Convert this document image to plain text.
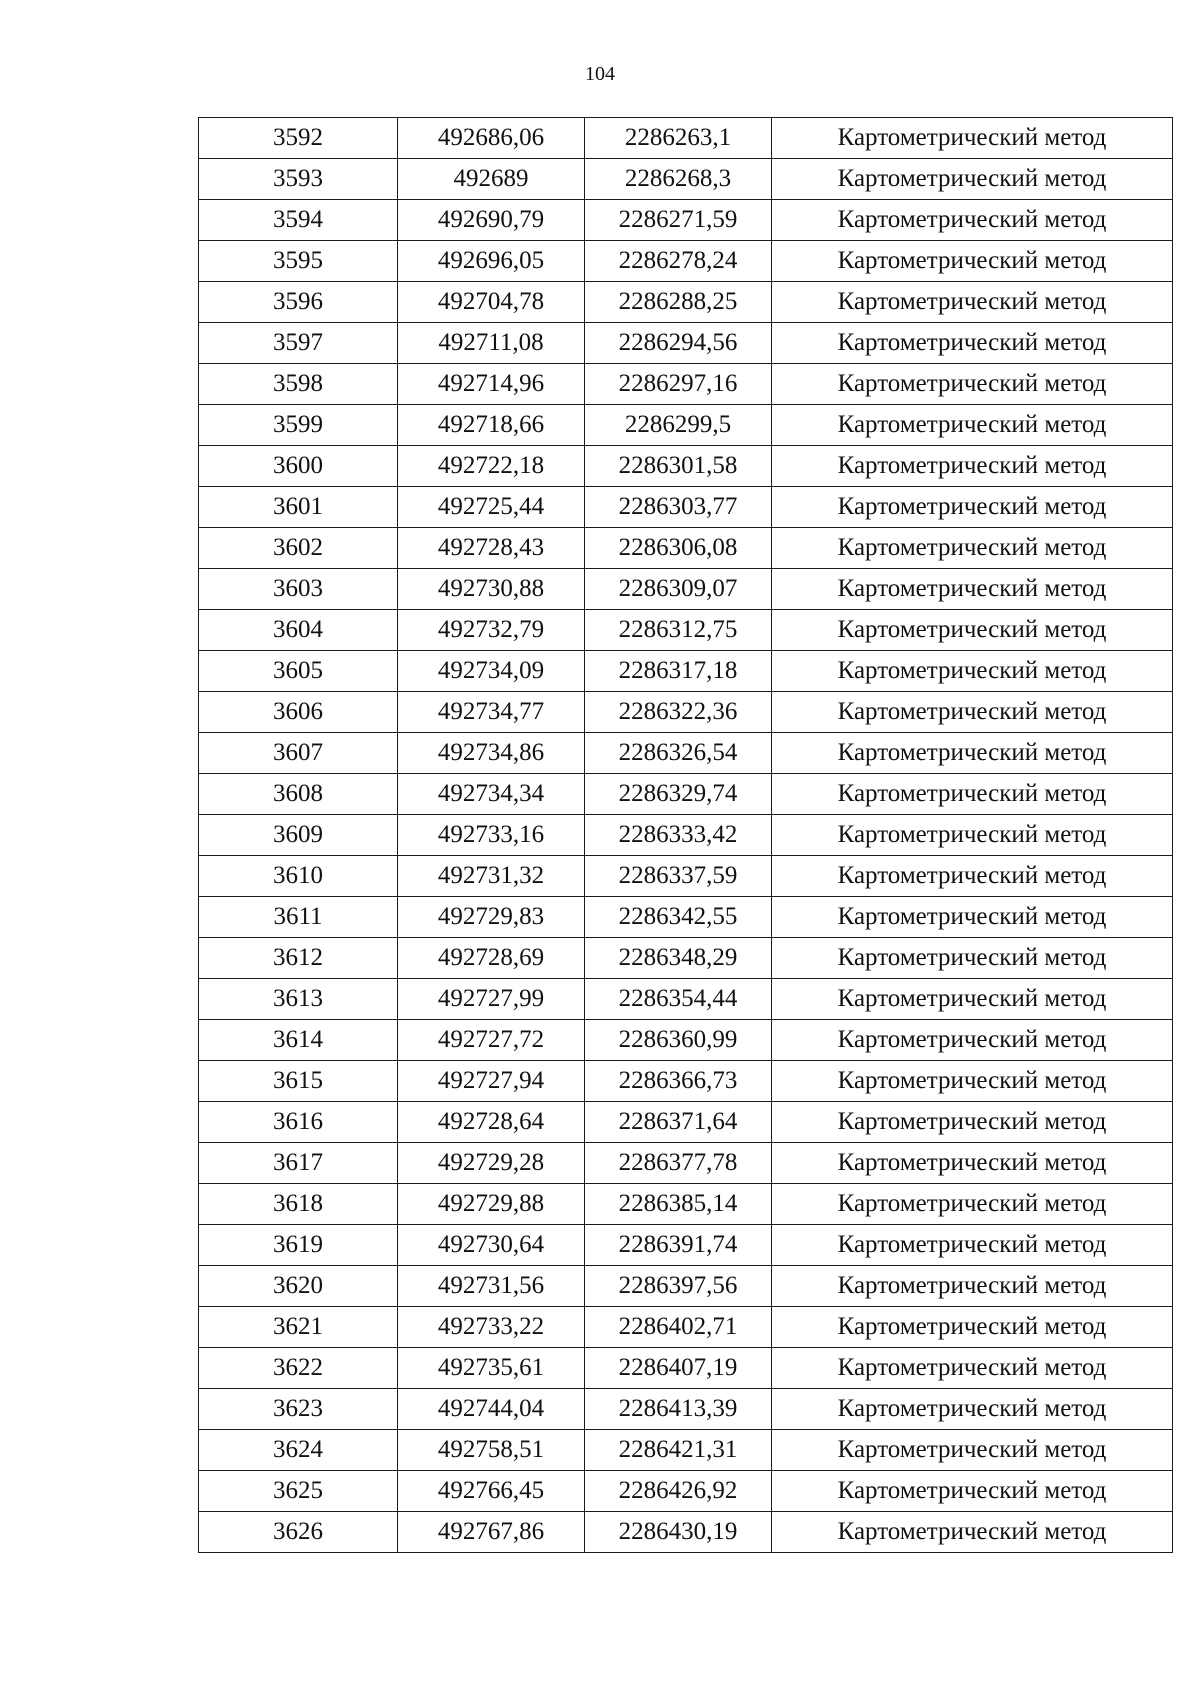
104
3592	492686,06	2286263,1	Картометрический метод
3593	492689	2286268,3	Картометрический метод
3594	492690,79	2286271,59	Картометрический метод
3595	492696,05	2286278,24	Картометрический метод
3596	492704,78	2286288,25	Картометрический метод
3597	492711,08	2286294,56	Картометрический метод
3598	492714,96	2286297,16	Картометрический метод
3599	492718,66	2286299,5	Картометрический метод
3600	492722,18	2286301,58	Картометрический метод
3601	492725,44	2286303,77	Картометрический метод
3602	492728,43	2286306,08	Картометрический метод
3603	492730,88	2286309,07	Картометрический метод
3604	492732,79	2286312,75	Картометрический метод
3605	492734,09	2286317,18	Картометрический метод
3606	492734,77	2286322,36	Картометрический метод
3607	492734,86	2286326,54	Картометрический метод
3608	492734,34	2286329,74	Картометрический метод
3609	492733,16	2286333,42	Картометрический метод
3610	492731,32	2286337,59	Картометрический метод
3611	492729,83	2286342,55	Картометрический метод
3612	492728,69	2286348,29	Картометрический метод
3613	492727,99	2286354,44	Картометрический метод
3614	492727,72	2286360,99	Картометрический метод
3615	492727,94	2286366,73	Картометрический метод
3616	492728,64	2286371,64	Картометрический метод
3617	492729,28	2286377,78	Картометрический метод
3618	492729,88	2286385,14	Картометрический метод
3619	492730,64	2286391,74	Картометрический метод
3620	492731,56	2286397,56	Картометрический метод
3621	492733,22	2286402,71	Картометрический метод
3622	492735,61	2286407,19	Картометрический метод
3623	492744,04	2286413,39	Картометрический метод
3624	492758,51	2286421,31	Картометрический метод
3625	492766,45	2286426,92	Картометрический метод
3626	492767,86	2286430,19	Картометрический метод
